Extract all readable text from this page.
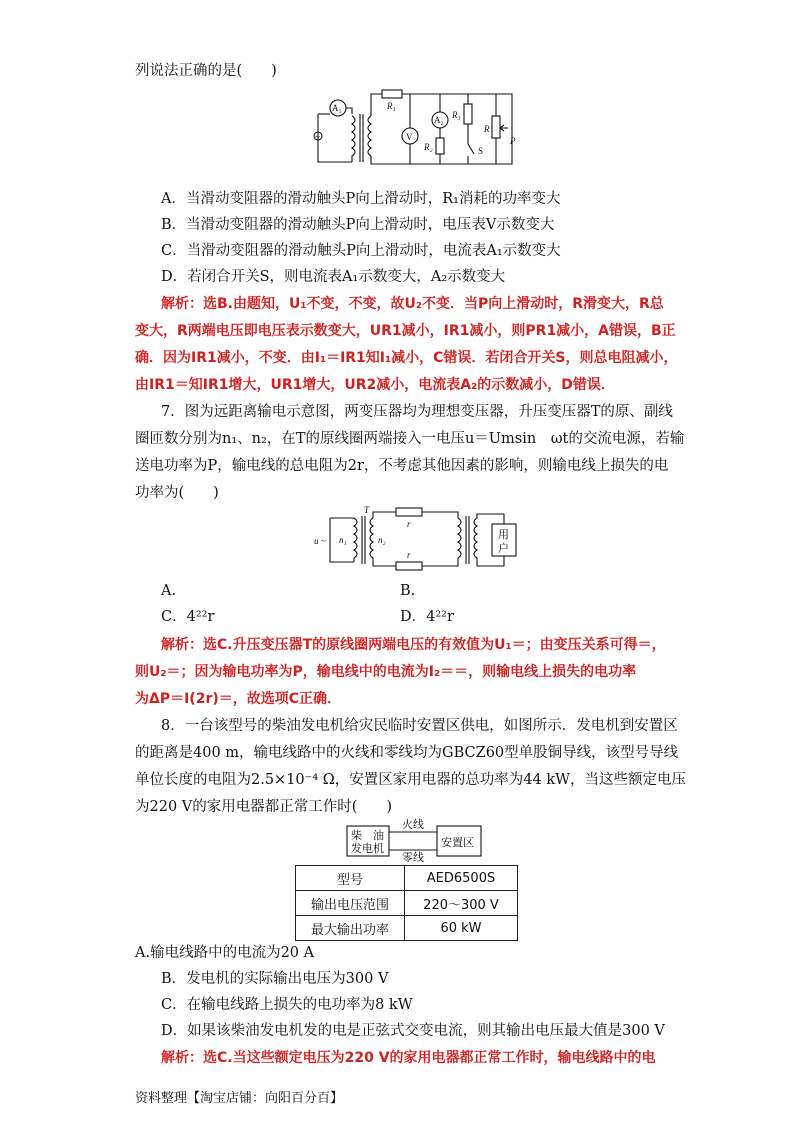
列说法正确的是(　　)
A₁
~
R₁
V
A₂
R₂
R₃
S
R
P
A．当滑动变阻器的滑动触头P向上滑动时，R₁消耗的功率变大
B．当滑动变阻器的滑动触头P向上滑动时，电压表V示数变大
C．当滑动变阻器的滑动触头P向上滑动时，电流表A₁示数变大
D．若闭合开关S，则电流表A₁示数变大，A₂示数变大
解析：选B.由题知，U₁不变，不变，故U₂不变．当P向上滑动时，R滑变大，R总
变大，R两端电压即电压表示数变大，UR1减小，IR1减小，则PR1减小，A错误，B正
确．因为IR1减小，不变．由I₁＝IR1知I₁减小，C错误．若闭合开关S，则总电阻减小，
由IR1＝知IR1增大，UR1增大，UR2减小，电流表A₂的示数减小，D错误．
7．图为远距离输电示意图，两变压器均为理想变压器，升压变压器T的原、副线
圈匝数分别为n₁、n₂，在T的原线圈两端接入一电压u＝Umsin　ωt的交流电源，若输
送电功率为P，输电线的总电阻为2r，不考虑其他因素的影响，则输电线上损失的电
功率为(　　)
u ~
T
n₁	n₂
r
r
用
户
A.	B.
C．4²²r	D．4²²r
解析：选C.升压变压器T的原线圈两端电压的有效值为U₁＝；由变压关系可得＝，
则U₂＝；因为输电功率为P，输电线中的电流为I₂＝＝，则输电线上损失的电功率
为ΔP＝I(2r)＝，故选项C正确．
8．一台该型号的柴油发电机给灾民临时安置区供电，如图所示．发电机到安置区
的距离是400 m，输电线路中的火线和零线均为GBCZ60型单股铜导线，该型号导线
单位长度的电阻为2.5×10⁻⁴ Ω，安置区家用电器的总功率为44 kW，当这些额定电压
为220 V的家用电器都正常工作时(　　)
柴　油
发电机
火线
零线
安置区
型号	AED6500S
输出电压范围	220～300 V
最大输出功率	60 kW
A.输电线路中的电流为20 A
B．发电机的实际输出电压为300 V
C．在输电线路上损失的电功率为8 kW
D．如果该柴油发电机发的电是正弦式交变电流，则其输出电压最大值是300 V
解析：选C.当这些额定电压为220 V的家用电器都正常工作时，输电线路中的电
资料整理【淘宝店铺：向阳百分百】
